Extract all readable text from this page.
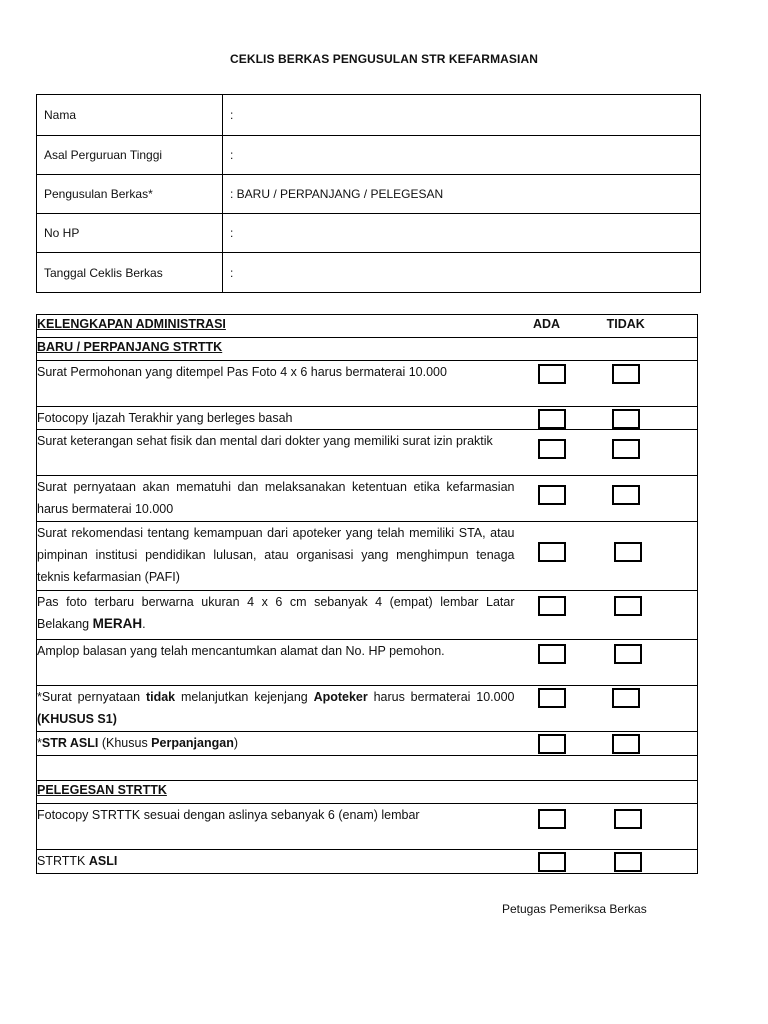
CEKLIS BERKAS PENGUSULAN STR KEFARMASIAN
Nama	:
Asal Perguruan Tinggi	:
Pengusulan Berkas*	: BARU / PERPANJANG / PELEGESAN
No HP	:
Tanggal Ceklis Berkas	:
KELENGKAPAN ADMINISTRASI	ADA	TIDAK
BARU / PERPANJANG STRTTK		
Surat Permohonan yang ditempel Pas Foto 4 x 6 harus bermaterai 10.000	

Fotocopy Ijazah Terakhir yang berleges basah	

Surat keterangan sehat fisik dan mental dari dokter yang memiliki surat izin praktik	

Surat pernyataan akan mematuhi dan melaksanakan ketentuan etika kefarmasian harus bermaterai 10.000	

Surat rekomendasi tentang kemampuan dari apoteker yang telah memiliki STA, atau pimpinan institusi pendidikan lulusan, atau organisasi yang menghimpun tenaga teknis kefarmasian (PAFI)	

Pas foto terbaru berwarna ukuran 4 x 6 cm sebanyak 4 (empat) lembar Latar Belakang MERAH.	

Amplop balasan yang telah mencantumkan alamat dan No. HP pemohon.	

*Surat pernyataan tidak melanjutkan kejenjang Apoteker harus bermaterai 10.000 (KHUSUS S1)	

*STR ASLI (Khusus Perpanjangan)	

PELEGESAN STRTTK		
Fotocopy STRTTK sesuai dengan aslinya sebanyak 6 (enam) lembar	

STRTTK ASLI	

Petugas Pemeriksa Berkas
